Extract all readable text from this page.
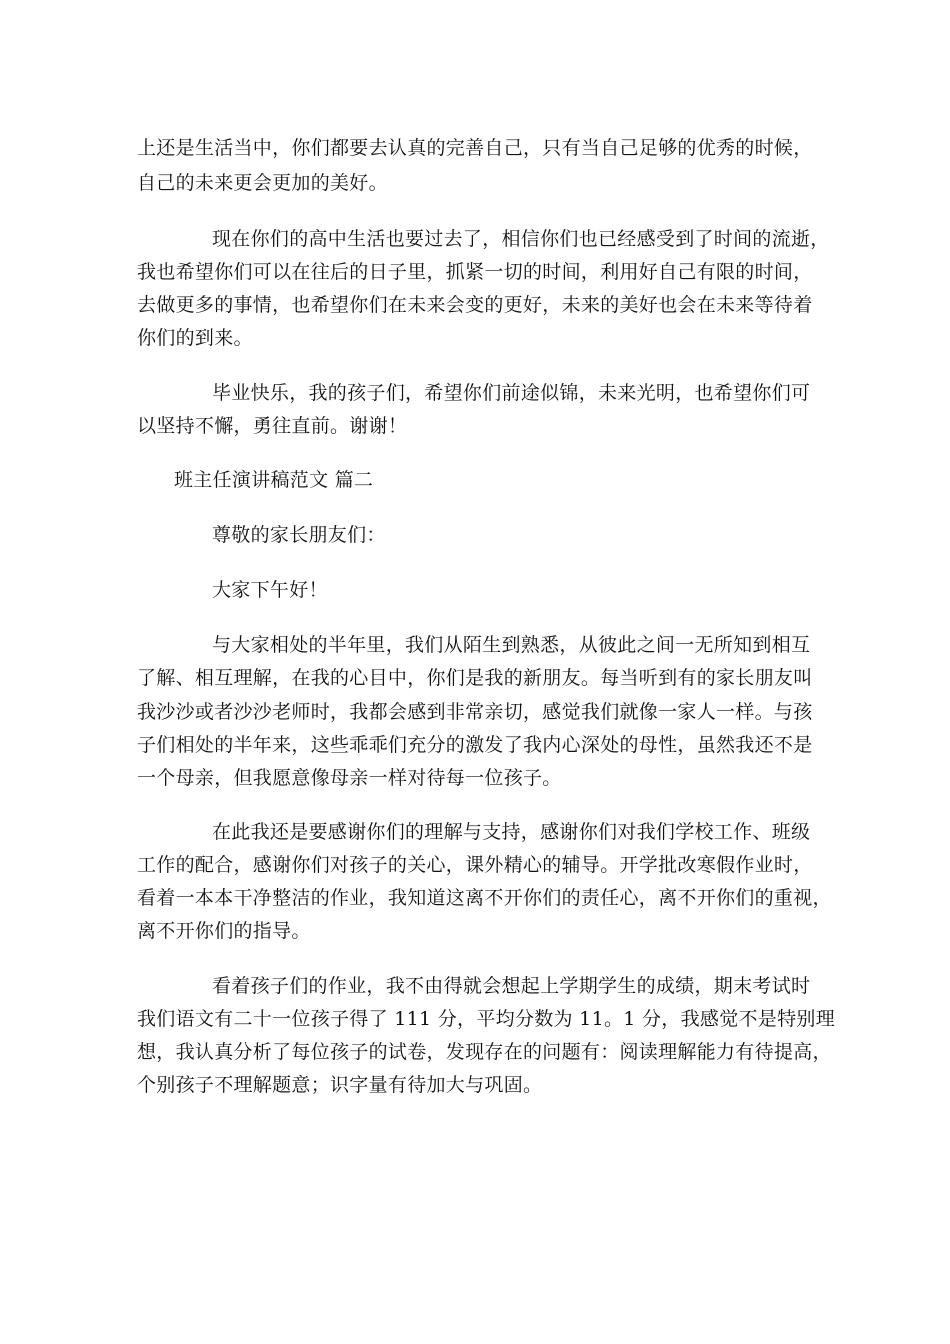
上还是生活当中，你们都要去认真的完善自己，只有当自己足够的优秀的时候，
自己的未来更会更加的美好。
现在你们的高中生活也要过去了，相信你们也已经感受到了时间的流逝，
我也希望你们可以在往后的日子里，抓紧一切的时间，利用好自己有限的时间，
去做更多的事情，也希望你们在未来会变的更好，未来的美好也会在未来等待着
你们的到来。
毕业快乐，我的孩子们，希望你们前途似锦，未来光明，也希望你们可
以坚持不懈，勇往直前。谢谢！
班主任演讲稿范文 篇二
尊敬的家长朋友们：
大家下午好！
与大家相处的半年里，我们从陌生到熟悉，从彼此之间一无所知到相互
了解、相互理解，在我的心目中，你们是我的新朋友。每当听到有的家长朋友叫
我沙沙或者沙沙老师时，我都会感到非常亲切，感觉我们就像一家人一样。与孩
子们相处的半年来，这些乖乖们充分的激发了我内心深处的母性，虽然我还不是
一个母亲，但我愿意像母亲一样对待每一位孩子。
在此我还是要感谢你们的理解与支持，感谢你们对我们学校工作、班级
工作的配合，感谢你们对孩子的关心，课外精心的辅导。开学批改寒假作业时，
看着一本本干净整洁的作业，我知道这离不开你们的责任心，离不开你们的重视，
离不开你们的指导。
看着孩子们的作业，我不由得就会想起上学期学生的成绩，期末考试时
我们语文有二十一位孩子得了 111 分，平均分数为 11。1 分，我感觉不是特别理
想，我认真分析了每位孩子的试卷，发现存在的问题有：阅读理解能力有待提高，
个别孩子不理解题意；识字量有待加大与巩固。
